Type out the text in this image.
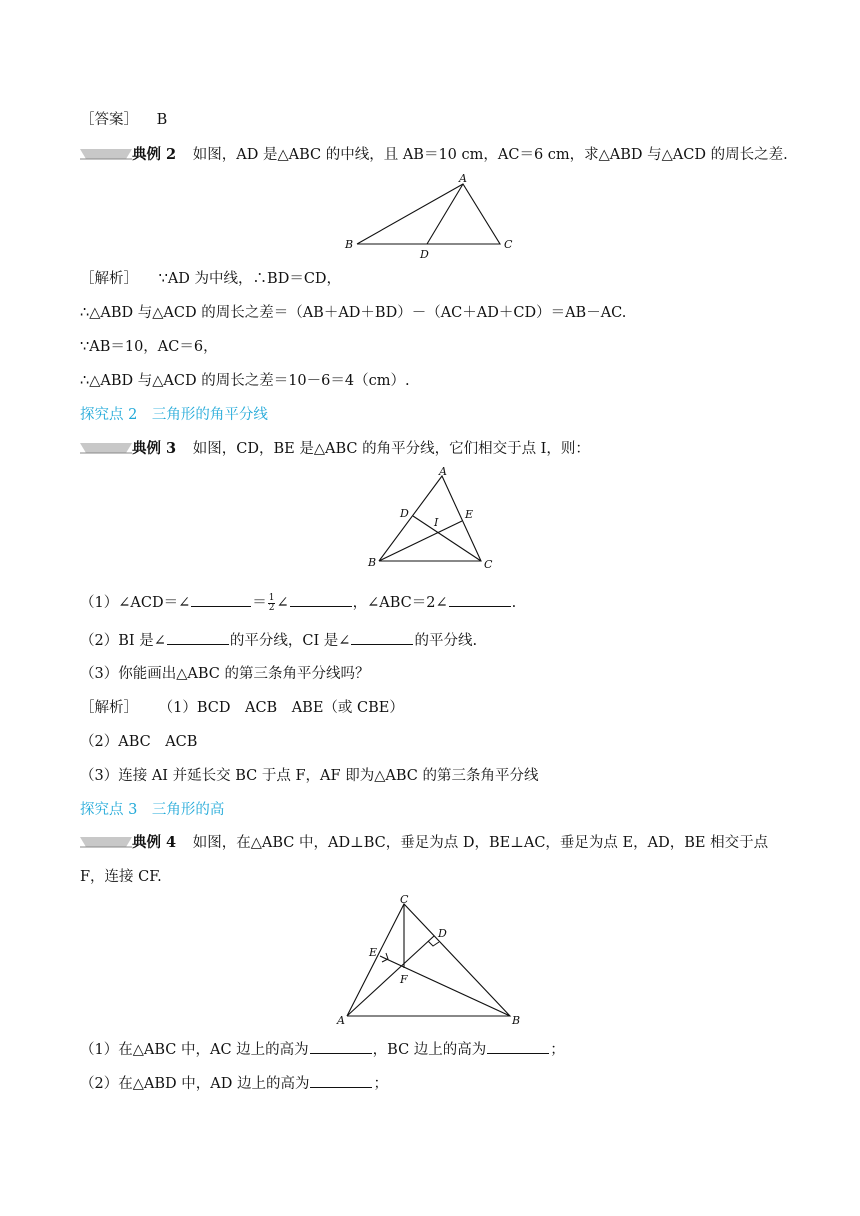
［答案］ B
典例 2 如图，AD 是△ABC 的中线，且 AB＝10 cm，AC＝6 cm，求△ABD 与△ACD 的周长之差.
A
B	C
D
［解析］ ∵AD 为中线，∴BD＝CD，
∴△ABD 与△ACD 的周长之差＝（AB＋AD＋BD）－（AC＋AD＋CD）＝AB－AC.
∵AB＝10，AC＝6，
∴△ABD 与△ACD 的周长之差＝10－6＝4（cm）.
探究点 2　三角形的角平分线
典例 3 如图，CD，BE 是△ABC 的角平分线，它们相交于点 I，则：
A
B	C
D	E
I
（1）∠ACD＝∠	＝ $\frac{1}{2}$ ∠	，∠ABC＝2∠	.
（2）BI 是∠	的平分线，CI 是∠	的平分线.
（3）你能画出△ABC 的第三条角平分线吗？
［解析］ （1）BCD　ACB　ABE（或 CBE）
（2）ABC　ACB
（3）连接 AI 并延长交 BC 于点 F，AF 即为△ABC 的第三条角平分线
探究点 3　三角形的高
典例 4 如图，在△ABC 中，AD⊥BC，垂足为点 D，BE⊥AC，垂足为点 E，AD，BE 相交于点
F，连接 CF.
C
D
E
F
A	B
（1）在△ABC 中，AC 边上的高为	，BC 边上的高为	；
（2）在△ABD 中，AD 边上的高为	；
